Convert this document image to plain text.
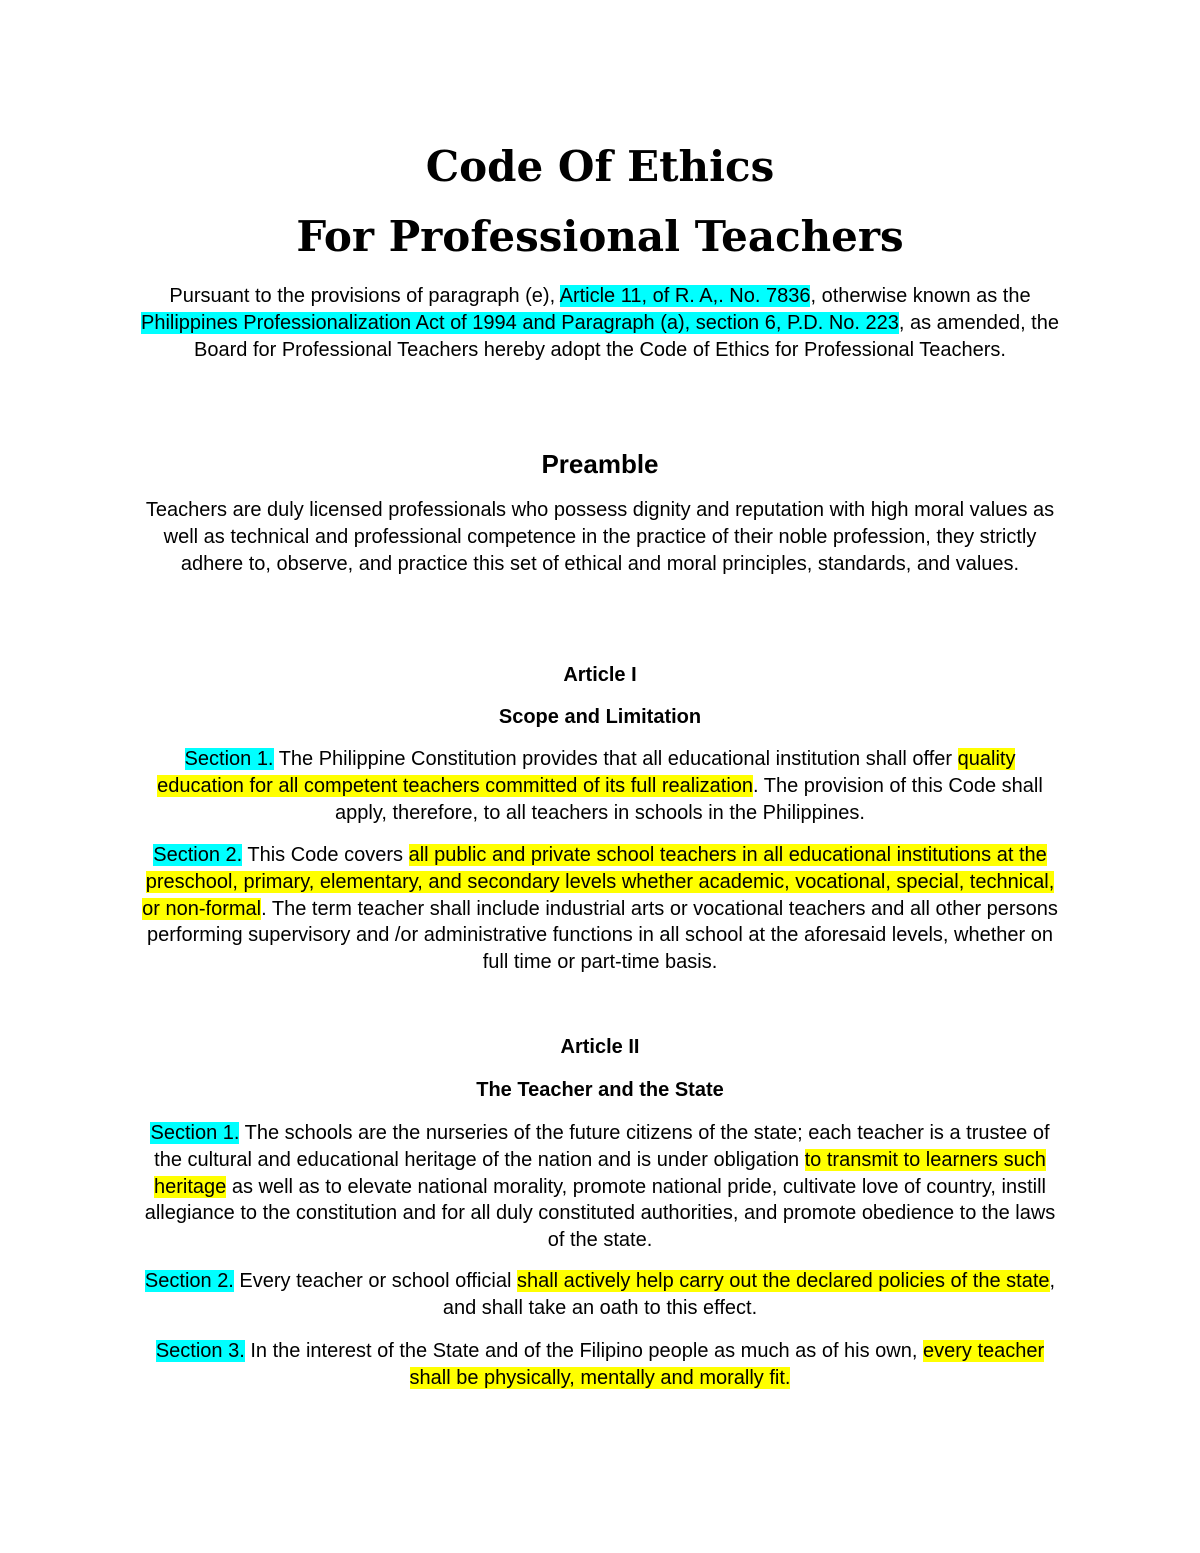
Code Of Ethics
For Professional Teachers

Pursuant to the provisions of paragraph (e), Article 11, of R. A,. No. 7836, otherwise known as the Philippines Professionalization Act of 1994 and Paragraph (a), section 6, P.D. No. 223, as amended, the Board for Professional Teachers hereby adopt the Code of Ethics for Professional Teachers.

Preamble

Teachers are duly licensed professionals who possess dignity and reputation with high moral values as well as technical and professional competence in the practice of their noble profession, they strictly adhere to, observe, and practice this set of ethical and moral principles, standards, and values.

Article I
Scope and Limitation

Section 1. The Philippine Constitution provides that all educational institution shall offer quality education for all competent teachers committed of its full realization. The provision of this Code shall apply, therefore, to all teachers in schools in the Philippines.

Section 2. This Code covers all public and private school teachers in all educational institutions at the preschool, primary, elementary, and secondary levels whether academic, vocational, special, technical, or non-formal. The term teacher shall include industrial arts or vocational teachers and all other persons performing supervisory and /or administrative functions in all school at the aforesaid levels, whether on full time or part-time basis.

Article II
The Teacher and the State

Section 1. The schools are the nurseries of the future citizens of the state; each teacher is a trustee of the cultural and educational heritage of the nation and is under obligation to transmit to learners such heritage as well as to elevate national morality, promote national pride, cultivate love of country, instill allegiance to the constitution and for all duly constituted authorities, and promote obedience to the laws of the state.

Section 2. Every teacher or school official shall actively help carry out the declared policies of the state, and shall take an oath to this effect.

Section 3. In the interest of the State and of the Filipino people as much as of his own, every teacher shall be physically, mentally and morally fit.
